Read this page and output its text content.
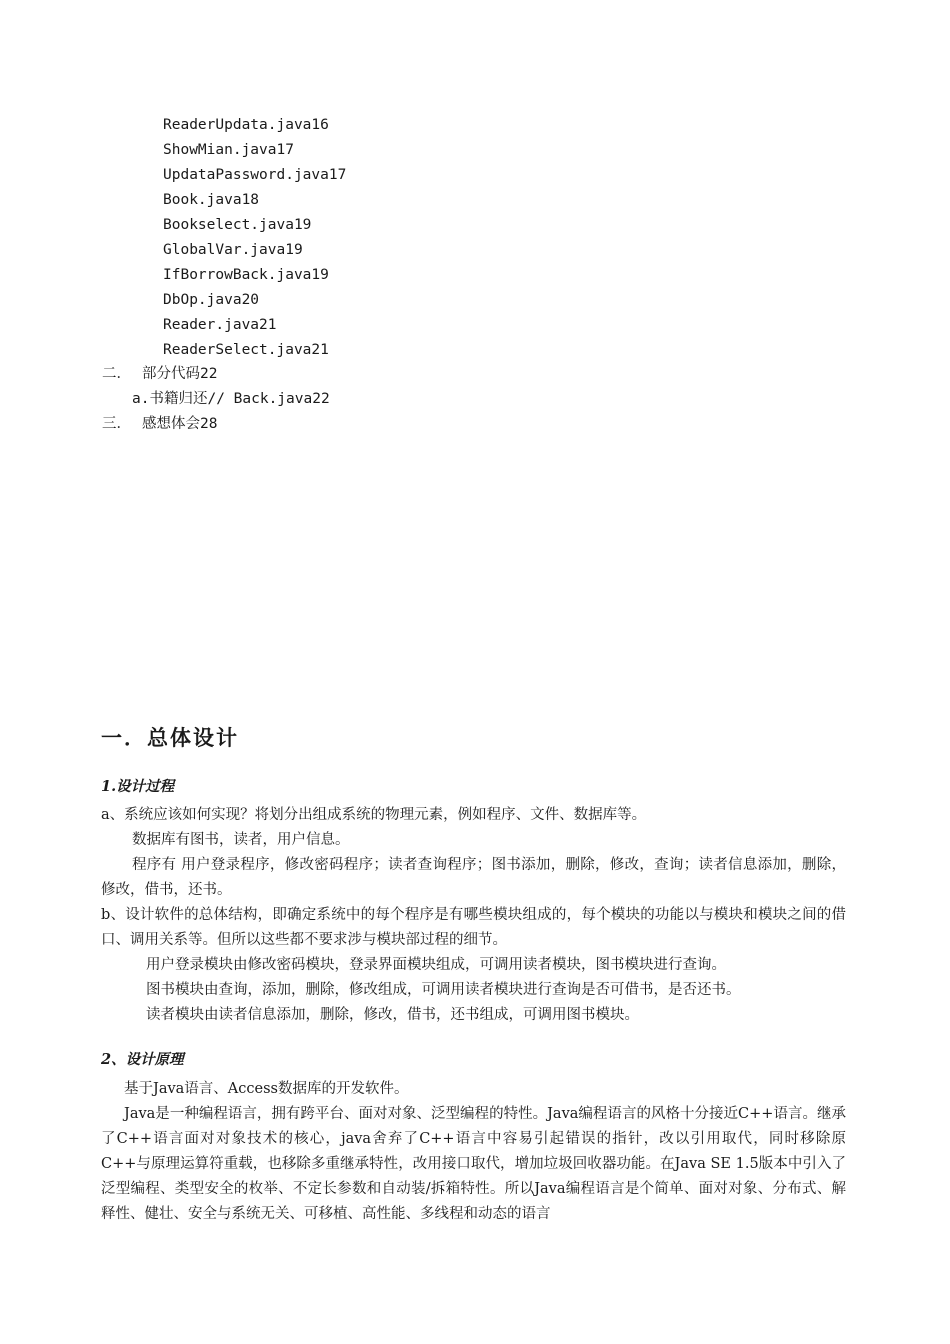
ReaderUpdata.java16

ShowMian.java17

UpdataPassword.java17

Book.java18

Bookselect.java19

GlobalVar.java19

IfBorrowBack.java19

DbOp.java20

Reader.java21

ReaderSelect.java21

二． 部分代码22

a.书籍归还// Back.java22

三． 感想体会28

一．总体设计
1.设计过程

a、系统应该如何实现？将划分出组成系统的物理元素，例如程序、文件、数据库等。

数据库有图书，读者，用户信息。

程序有 用户登录程序，修改密码程序；读者查询程序；图书添加，删除，修改，查询；读者信息添加，删除，修改，借书，还书。

b、设计软件的总体结构，即确定系统中的每个程序是有哪些模块组成的，每个模块的功能以与模块和模块之间的借口、调用关系等。但所以这些都不要求涉与模块部过程的细节。

用户登录模块由修改密码模块，登录界面模块组成，可调用读者模块，图书模块进行查询。

图书模块由查询，添加，删除，修改组成，可调用读者模块进行查询是否可借书，是否还书。

读者模块由读者信息添加，删除，修改，借书，还书组成，可调用图书模块。

2、设计原理

基于Java语言、Access数据库的开发软件。

Java是一种编程语言，拥有跨平台、面对对象、泛型编程的特性。Java编程语言的风格十分接近C++语言。继承了C++语言面对对象技术的核心，java舍弃了C++语言中容易引起错误的指针，改以引用取代，同时移除原C++与原理运算符重载，也移除多重继承特性，改用接口取代，增加垃圾回收器功能。在Java SE 1.5版本中引入了泛型编程、类型安全的枚举、不定长参数和自动装/拆箱特性。所以Java编程语言是个简单、面对对象、分布式、解释性、健壮、安全与系统无关、可移植、高性能、多线程和动态的语言
